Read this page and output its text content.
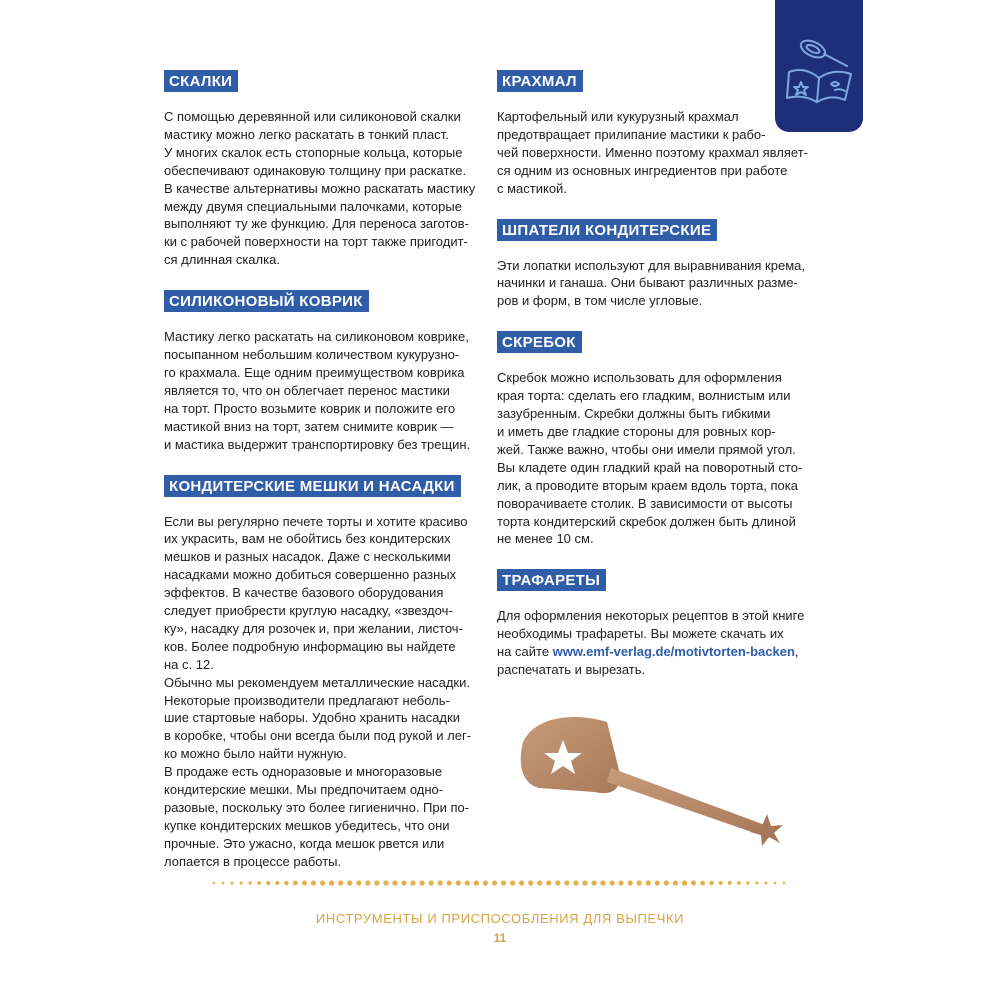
СКАЛКИ

С помощью деревянной или силиконовой скалки
мастику можно легко раскатать в тонкий пласт.
У многих скалок есть стопорные кольца, которые
обеспечивают одинаковую толщину при раскатке.
В качестве альтернативы можно раскатать мастику
между двумя специальными палочками, которые
выполняют ту же функцию. Для переноса заготов-
ки с рабочей поверхности на торт также пригодит-
ся длинная скалка.

СИЛИКОНОВЫЙ КОВРИК

Мастику легко раскатать на силиконовом коврике,
посыпанном небольшим количеством кукурузно-
го крахмала. Еще одним преимуществом коврика
является то, что он облегчает перенос мастики
на торт. Просто возьмите коврик и положите его
мастикой вниз на торт, затем снимите коврик —
и мастика выдержит транспортировку без трещин.

КОНДИТЕРСКИЕ МЕШКИ И НАСАДКИ

Если вы регулярно печете торты и хотите красиво
их украсить, вам не обойтись без кондитерских
мешков и разных насадок. Даже с несколькими
насадками можно добиться совершенно разных
эффектов. В качестве базового оборудования
следует приобрести круглую насадку, «звездоч-
ку», насадку для розочек и, при желании, листоч-
ков. Более подробную информацию вы найдете
на с. 12.
Обычно мы рекомендуем металлические насадки.
Некоторые производители предлагают неболь-
шие стартовые наборы. Удобно хранить насадки
в коробке, чтобы они всегда были под рукой и лег-
ко можно было найти нужную.
В продаже есть одноразовые и многоразовые
кондитерские мешки. Мы предпочитаем одно-
разовые, поскольку это более гигиенично. При по-
купке кондитерских мешков убедитесь, что они
прочные. Это ужасно, когда мешок рвется или
лопается в процессе работы.

КРАХМАЛ

Картофельный или кукурузный крахмал
предотвращает прилипание мастики к рабо-
чей поверхности. Именно поэтому крахмал являет-
ся одним из основных ингредиентов при работе
с мастикой.

ШПАТЕЛИ КОНДИТЕРСКИЕ

Эти лопатки используют для выравнивания крема,
начинки и ганаша. Они бывают различных разме-
ров и форм, в том числе угловые.

СКРЕБОК

Скребок можно использовать для оформления
края торта: сделать его гладким, волнистым или
зазубренным. Скребки должны быть гибкими
и иметь две гладкие стороны для ровных кор-
жей. Также важно, чтобы они имели прямой угол.
Вы кладете один гладкий край на поворотный сто-
лик, а проводите вторым краем вдоль торта, пока
поворачиваете столик. В зависимости от высоты
торта кондитерский скребок должен быть длиной
не менее 10 см.

ТРАФАРЕТЫ

Для оформления некоторых рецептов в этой книге
необходимы трафареты. Вы можете скачать их
на сайте www.emf-verlag.de/motivtorten-backen,
распечатать и вырезать.

ИНСТРУМЕНТЫ И ПРИСПОСОБЛЕНИЯ ДЛЯ ВЫПЕЧКИ
11
